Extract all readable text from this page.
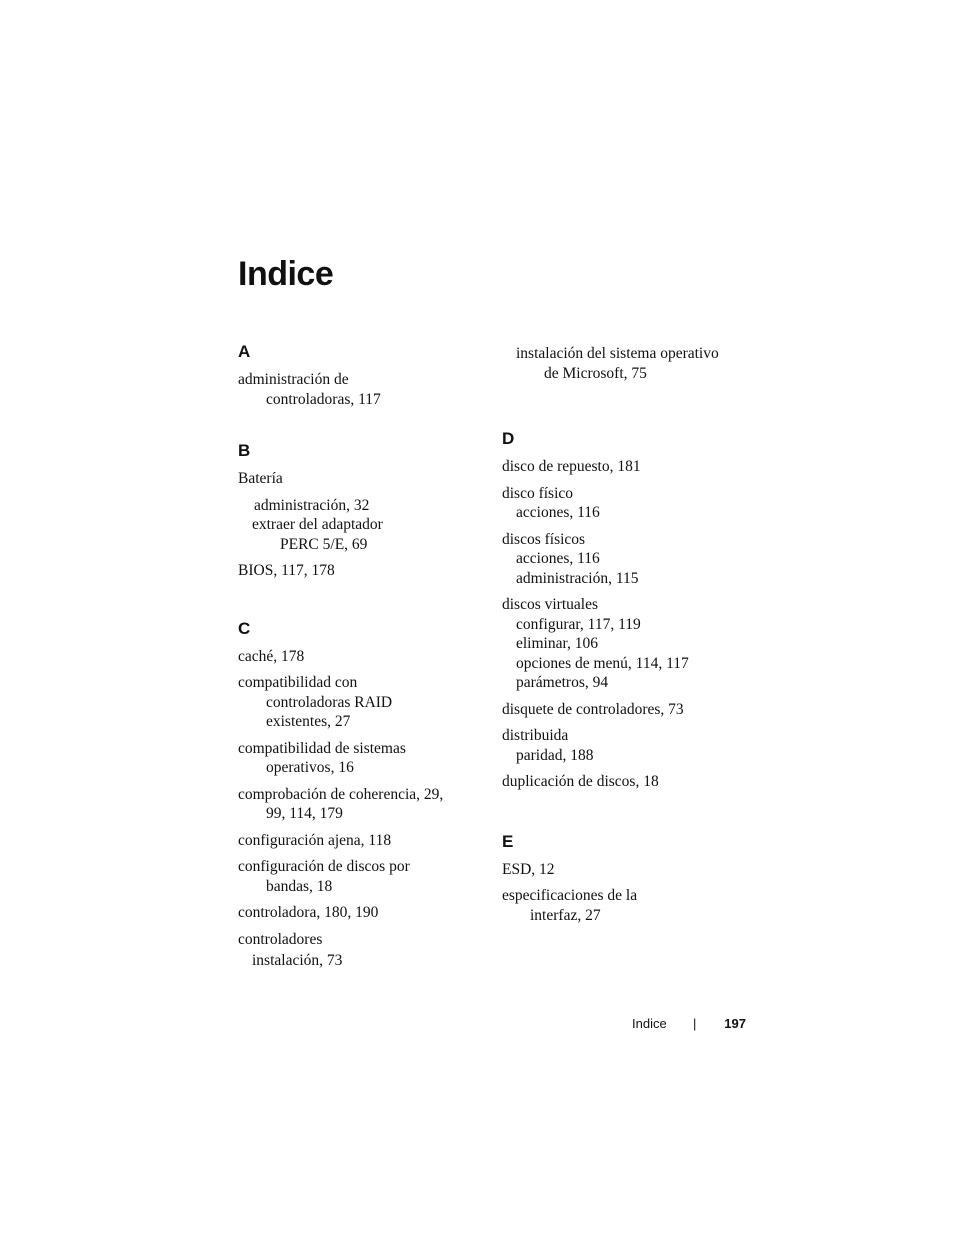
Indice
A
administración de
controladoras, 117
B
Batería
administración, 32
extraer del adaptador
PERC 5/E, 69
BIOS, 117, 178
C
caché, 178
compatibilidad con
controladoras RAID
existentes, 27
compatibilidad de sistemas
operativos, 16
comprobación de coherencia, 29,
99, 114, 179
configuración ajena, 118
configuración de discos por
bandas, 18
controladora, 180, 190
controladores
instalación, 73
instalación del sistema operativo
de Microsoft, 75
D
disco de repuesto, 181
disco físico
acciones, 116
discos físicos
acciones, 116
administración, 115
discos virtuales
configurar, 117, 119
eliminar, 106
opciones de menú, 114, 117
parámetros, 94
disquete de controladores, 73
distribuida
paridad, 188
duplicación de discos, 18
E
ESD, 12
especificaciones de la
interfaz, 27
Indice | 197
